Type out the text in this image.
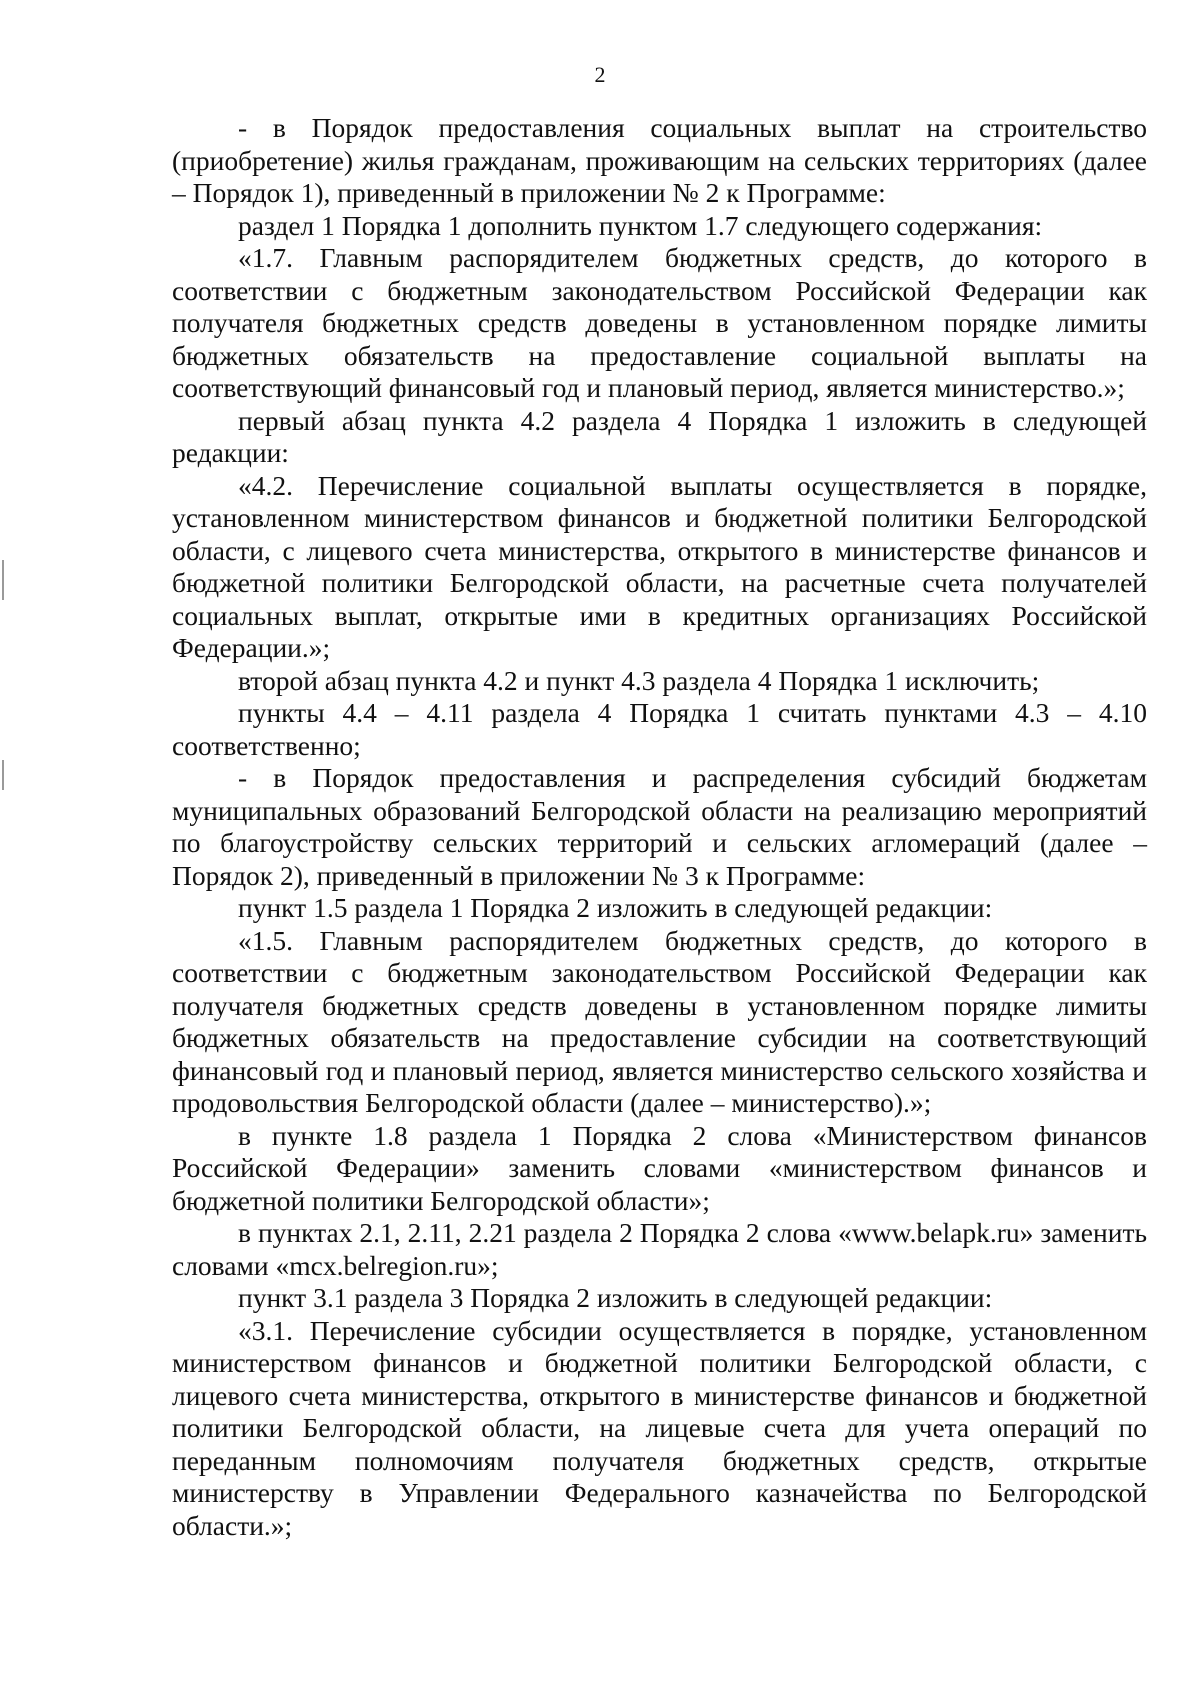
2

- в Порядок предоставления социальных выплат на строительство (приобретение) жилья гражданам, проживающим на сельских территориях (далее – Порядок 1), приведенный в приложении № 2 к Программе:

раздел 1 Порядка 1 дополнить пунктом 1.7 следующего содержания:

«1.7. Главным распорядителем бюджетных средств, до которого в соответствии с бюджетным законодательством Российской Федерации как получателя бюджетных средств доведены в установленном порядке лимиты бюджетных обязательств на предоставление социальной выплаты на соответствующий финансовый год и плановый период, является министерство.»;

первый абзац пункта 4.2 раздела 4 Порядка 1 изложить в следующей редакции:

«4.2. Перечисление социальной выплаты осуществляется в порядке, установленном министерством финансов и бюджетной политики Белгородской области, с лицевого счета министерства, открытого в министерстве финансов и бюджетной политики Белгородской области, на расчетные счета получателей социальных выплат, открытые ими в кредитных организациях Российской Федерации.»;

второй абзац пункта 4.2 и пункт 4.3 раздела 4 Порядка 1 исключить;

пункты 4.4 – 4.11 раздела 4 Порядка 1 считать пунктами 4.3 – 4.10 соответственно;

- в Порядок предоставления и распределения субсидий бюджетам муниципальных образований Белгородской области на реализацию мероприятий по благоустройству сельских территорий и сельских агломераций (далее – Порядок 2), приведенный в приложении № 3 к Программе:

пункт 1.5 раздела 1 Порядка 2 изложить в следующей редакции:

«1.5. Главным распорядителем бюджетных средств, до которого в соответствии с бюджетным законодательством Российской Федерации как получателя бюджетных средств доведены в установленном порядке лимиты бюджетных обязательств на предоставление субсидии на соответствующий финансовый год и плановый период, является министерство сельского хозяйства и продовольствия Белгородской области (далее – министерство).»;

в пункте 1.8 раздела 1 Порядка 2 слова «Министерством финансов Российской Федерации» заменить словами «министерством финансов и бюджетной политики Белгородской области»;

в пунктах 2.1, 2.11, 2.21 раздела 2 Порядка 2 слова «www.belapk.ru» заменить словами «mcx.belregion.ru»;

пункт 3.1 раздела 3 Порядка 2 изложить в следующей редакции:

«3.1. Перечисление субсидии осуществляется в порядке, установленном министерством финансов и бюджетной политики Белгородской области, с лицевого счета министерства, открытого в министерстве финансов и бюджетной политики Белгородской области, на лицевые счета для учета операций по переданным полномочиям получателя бюджетных средств, открытые министерству в Управлении Федерального казначейства по Белгородской области.»;
